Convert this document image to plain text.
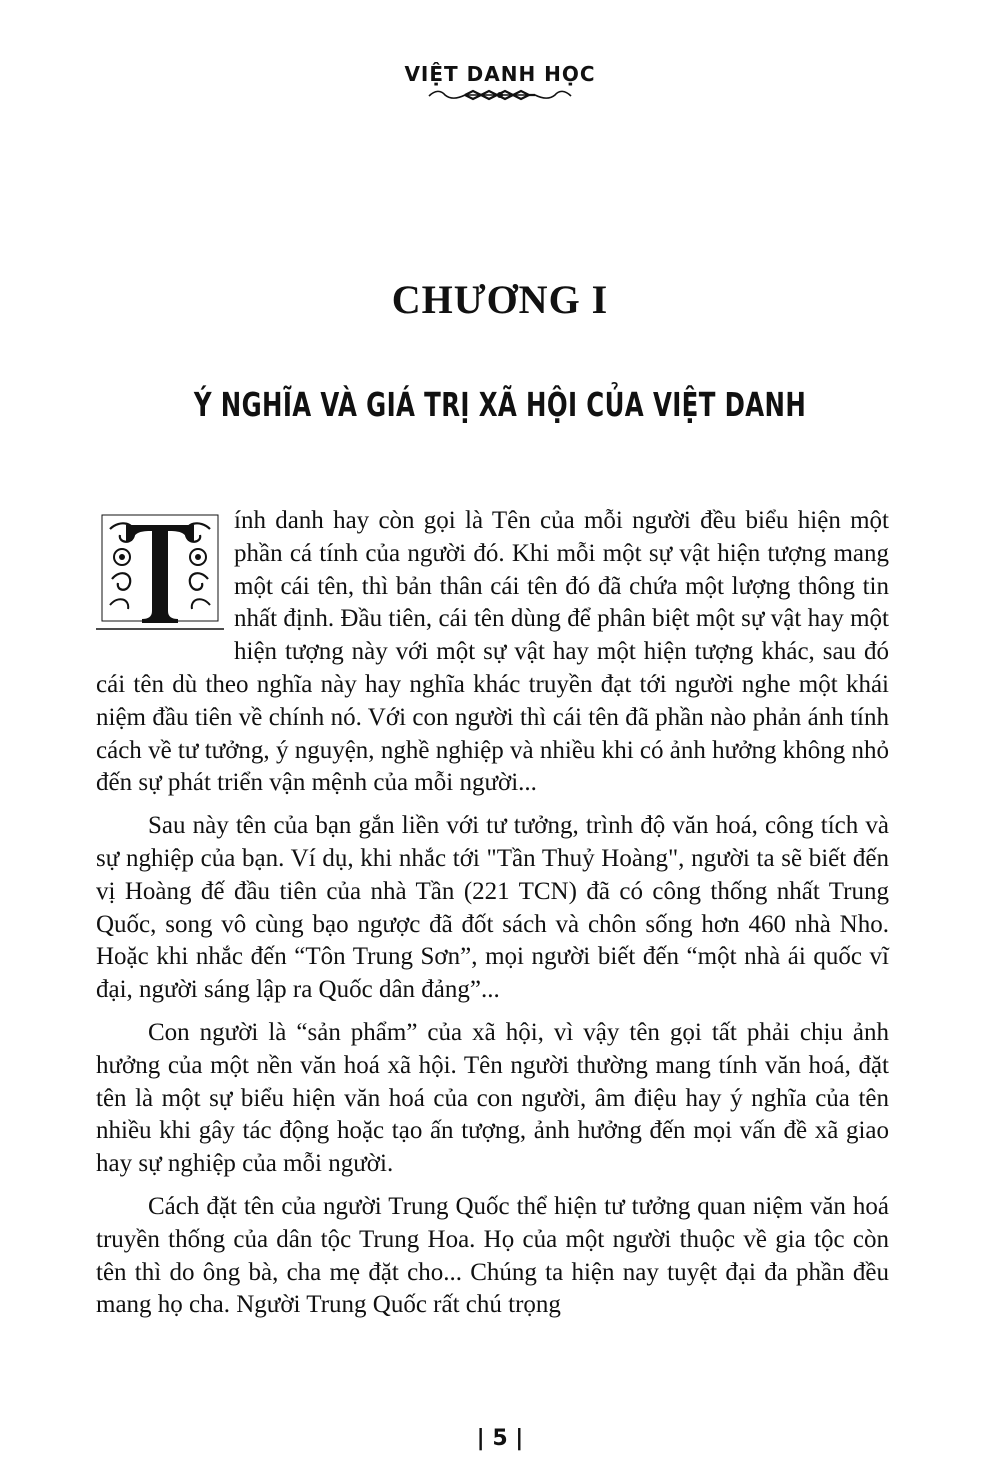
VIỆT DANH HỌC
CHƯƠNG I
Ý NGHĨA VÀ GIÁ TRỊ XÃ HỘI CỦA VIỆT DANH

ính danh hay còn gọi là Tên của mỗi người đều biểu hiện một phần cá tính của người đó. Khi mỗi một sự vật hiện tượng mang một cái tên, thì bản thân cái tên đó đã chứa một lượng thông tin nhất định. Đầu tiên, cái tên dùng để phân biệt một sự vật hay một hiện tượng này với một sự vật hay một hiện tượng khác, sau đó cái tên dù theo nghĩa này hay nghĩa khác truyền đạt tới người nghe một khái niệm đầu tiên về chính nó. Với con người thì cái tên đã phần nào phản ánh tính cách về tư tưởng, ý nguyện, nghề nghiệp và nhiều khi có ảnh hưởng không nhỏ đến sự phát triển vận mệnh của mỗi người...

Sau này tên của bạn gắn liền với tư tưởng, trình độ văn hoá, công tích và sự nghiệp của bạn. Ví dụ, khi nhắc tới "Tần Thuỷ Hoàng", người ta sẽ biết đến vị Hoàng đế đầu tiên của nhà Tần (221 TCN) đã có công thống nhất Trung Quốc, song vô cùng bạo ngược đã đốt sách và chôn sống hơn 460 nhà Nho. Hoặc khi nhắc đến “Tôn Trung Sơn”, mọi người biết đến “một nhà ái quốc vĩ đại, người sáng lập ra Quốc dân đảng”...

Con người là “sản phẩm” của xã hội, vì vậy tên gọi tất phải chịu ảnh hưởng của một nền văn hoá xã hội. Tên người thường mang tính văn hoá, đặt tên là một sự biểu hiện văn hoá của con người, âm điệu hay ý nghĩa của tên nhiều khi gây tác động hoặc tạo ấn tượng, ảnh hưởng đến mọi vấn đề xã giao hay sự nghiệp của mỗi người.

Cách đặt tên của người Trung Quốc thể hiện tư tưởng quan niệm văn hoá truyền thống của dân tộc Trung Hoa. Họ của một người thuộc về gia tộc còn tên thì do ông bà, cha mẹ đặt cho... Chúng ta hiện nay tuyệt đại đa phần đều mang họ cha. Người Trung Quốc rất chú trọng

| 5 |
